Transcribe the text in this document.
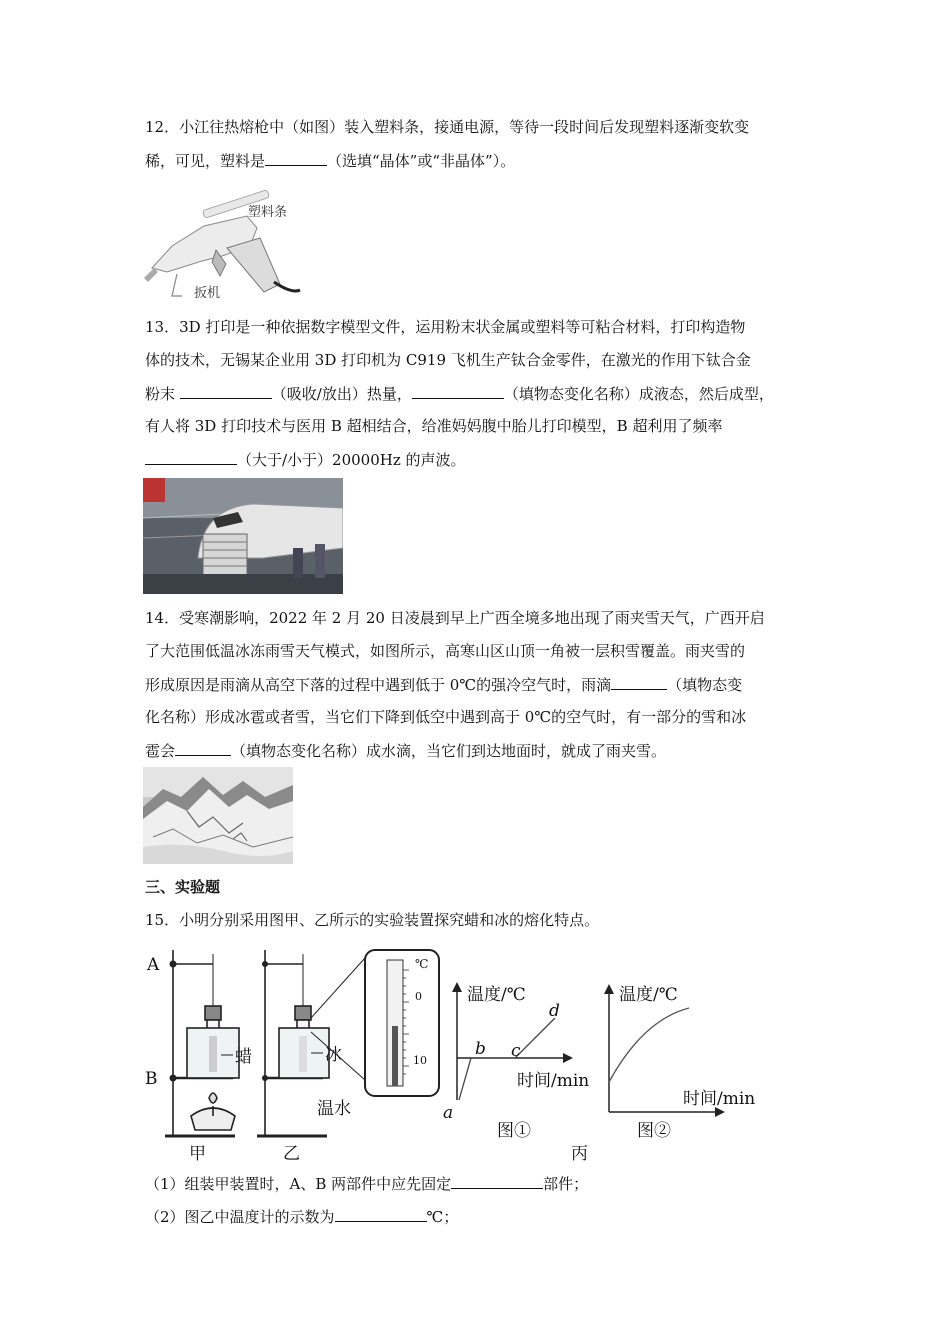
12．小江往热熔枪中（如图）装入塑料条，接通电源，等待一段时间后发现塑料逐渐变软变
稀，可见，塑料是	（选填“晶体”或“非晶体”）。
塑料条
扳机
13．3D 打印是一种依据数字模型文件，运用粉末状金属或塑料等可粘合材料，打印构造物
体的技术，无锡某企业用 3D 打印机为 C919 飞机生产钛合金零件，在激光的作用下钛合金
粉末	（吸收/放出）热量，	（填物态变化名称）成液态，然后成型，
有人将 3D 打印技术与医用 B 超相结合，给准妈妈腹中胎儿打印模型，B 超利用了频率
（大于/小于）20000Hz 的声波。
14．受寒潮影响，2022 年 2 月 20 日凌晨到早上广西全境多地出现了雨夹雪天气，广西开启
了大范围低温冰冻雨雪天气模式，如图所示，高寒山区山顶一角被一层积雪覆盖。雨夹雪的
形成原因是雨滴从高空下落的过程中遇到低于 0℃的强冷空气时，雨滴	（填物态变
化名称）形成冰雹或者雪，当它们下降到低空中遇到高于 0℃的空气时，有一部分的雪和冰
雹会	（填物态变化名称）成水滴，当它们到达地面时，就成了雨夹雪。
三、实验题
15．小明分别采用图甲、乙所示的实验装置探究蜡和冰的熔化特点。
A
B
蜡
甲
冰
温水
乙
℃
0
10
温度/℃
时间/min
a
b c
d
图①
温度/℃
时间/min
图②
丙
（1）组装甲装置时，A、B 两部件中应先固定	部件；
（2）图乙中温度计的示数为	℃；
